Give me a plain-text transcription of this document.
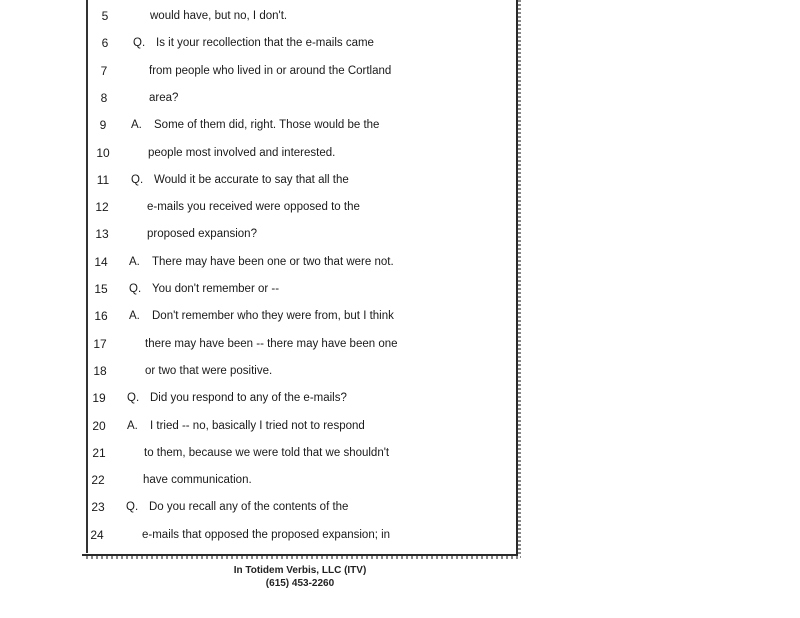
5	would have, but no, I don't.
6	Q. Is it your recollection that the e-mails came
7	from people who lived in or around the Cortland
8	area?
9	A. Some of them did, right. Those would be the
10	people most involved and interested.
11	Q. Would it be accurate to say that all the
12	e-mails you received were opposed to the
13	proposed expansion?
14	A. There may have been one or two that were not.
15	Q. You don't remember or --
16	A. Don't remember who they were from, but I think
17	there may have been -- there may have been one
18	or two that were positive.
19	Q. Did you respond to any of the e-mails?
20	A. I tried -- no, basically I tried not to respond
21	to them, because we were told that we shouldn't
22	have communication.
23	Q. Do you recall any of the contents of the
24	e-mails that opposed the proposed expansion; in
In Totidem Verbis, LLC (ITV)
(615) 453-2260
